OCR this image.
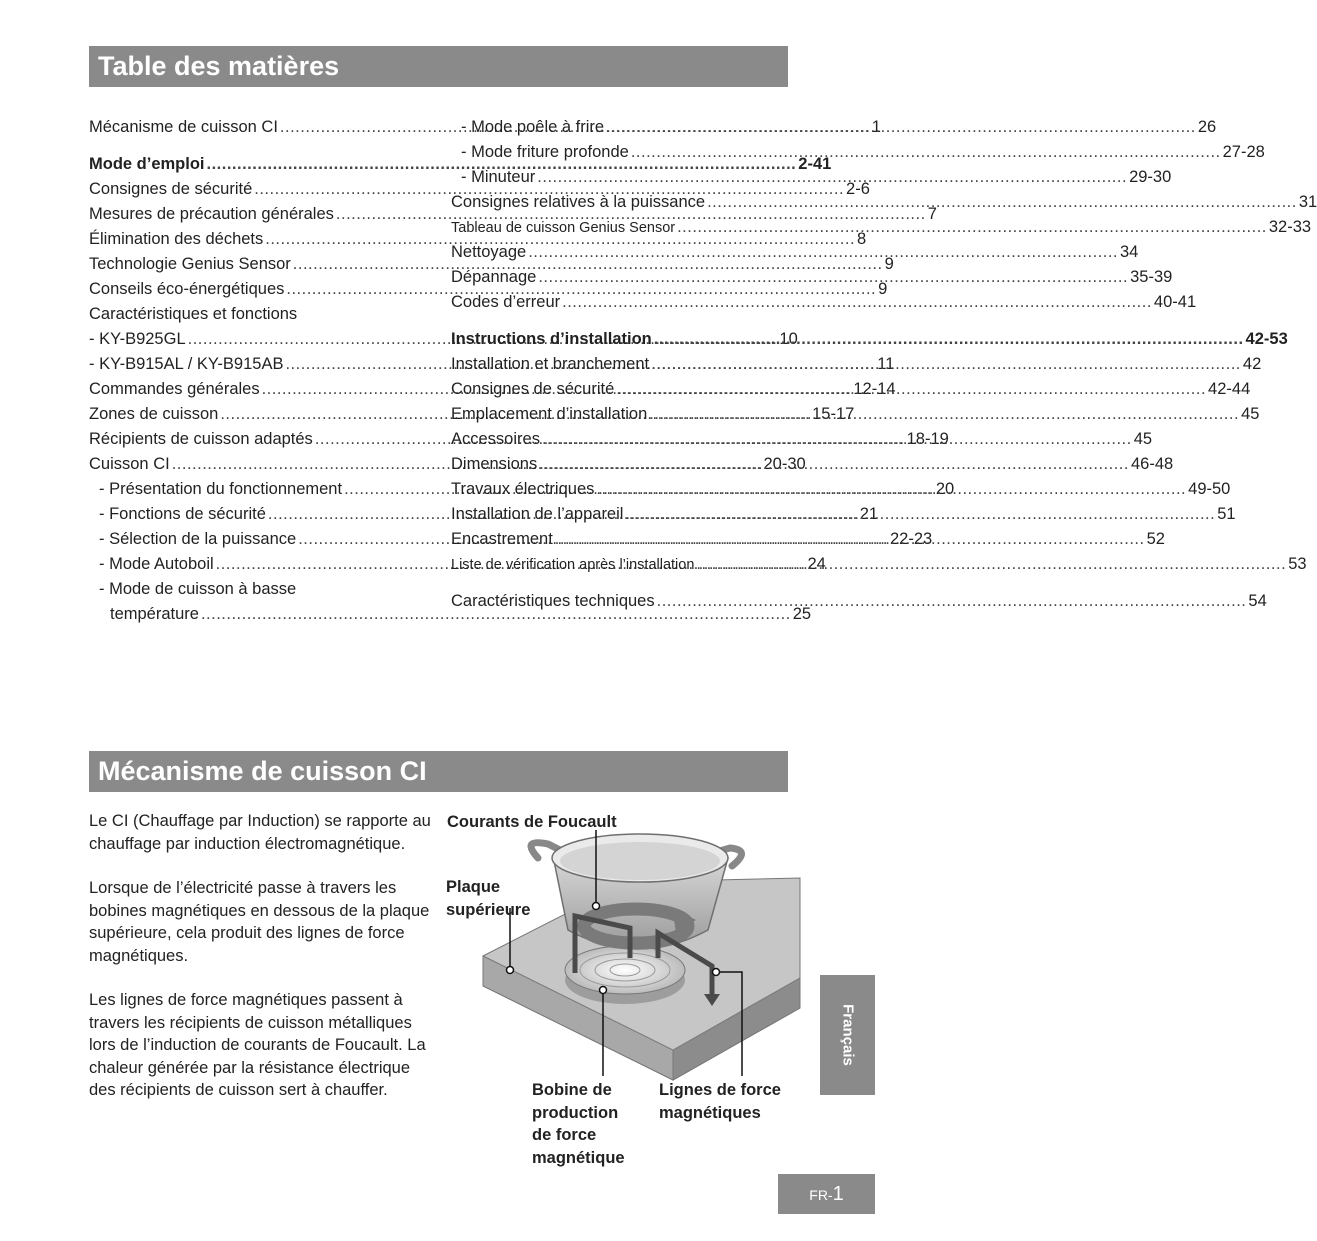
Table des matières
Mécanisme de cuisson CI .....	1
Mode d’emploi .....	2-41
Consignes de sécurité .....	2-6
Mesures de précaution générales .....	7
Élimination des déchets .....	8
Technologie Genius Sensor .....	9
Conseils éco-énergétiques .....	9
Caractéristiques et fonctions
- KY-B925GL .....	10
- KY-B915AL / KY-B915AB .....	11
Commandes générales .....	12-14
Zones de cuisson .....	15-17
Récipients de cuisson adaptés .....	18-19
Cuisson CI .....	20-30
- Présentation du fonctionnement .....	20
- Fonctions de sécurité .....	21
- Sélection de la puissance .....	22-23
- Mode Autoboil .....	24
- Mode de cuisson à basse
température .....	25
- Mode poêle à frire .....	26
- Mode friture profonde .....	27-28
- Minuteur .....	29-30
Consignes relatives à la puissance .....	31
Tableau de cuisson Genius Sensor .....	32-33
Nettoyage .....	34
Dépannage .....	35-39
Codes d’erreur .....	40-41
Instructions d’installation .....	42-53
Installation et branchement .....	42
Consignes de sécurité .....	42-44
Emplacement d’installation .....	45
Accessoires .....	45
Dimensions .....	46-48
Travaux électriques .....	49-50
Installation de l’appareil .....	51
Encastrement .....	52
Liste de vérification après l’installation .....	53
Caractéristiques techniques .....	54
Mécanisme de cuisson CI

Le CI (Chauffage par Induction) se rapporte au chauffage par induction électromagnétique.

Lorsque de l’électricité passe à travers les bobines magnétiques en dessous de la plaque supérieure, cela produit des lignes de force magnétiques.

Les lignes de force magnétiques passent à travers les récipients de cuisson métalliques lors de l’induction de courants de Foucault. La chaleur générée par la résistance électrique des récipients de cuisson sert à chauffer.

Courants de Foucault
Plaque
supérieure
Bobine de
production
de force
magnétique
Lignes de force
magnétiques
Français
FR-1
